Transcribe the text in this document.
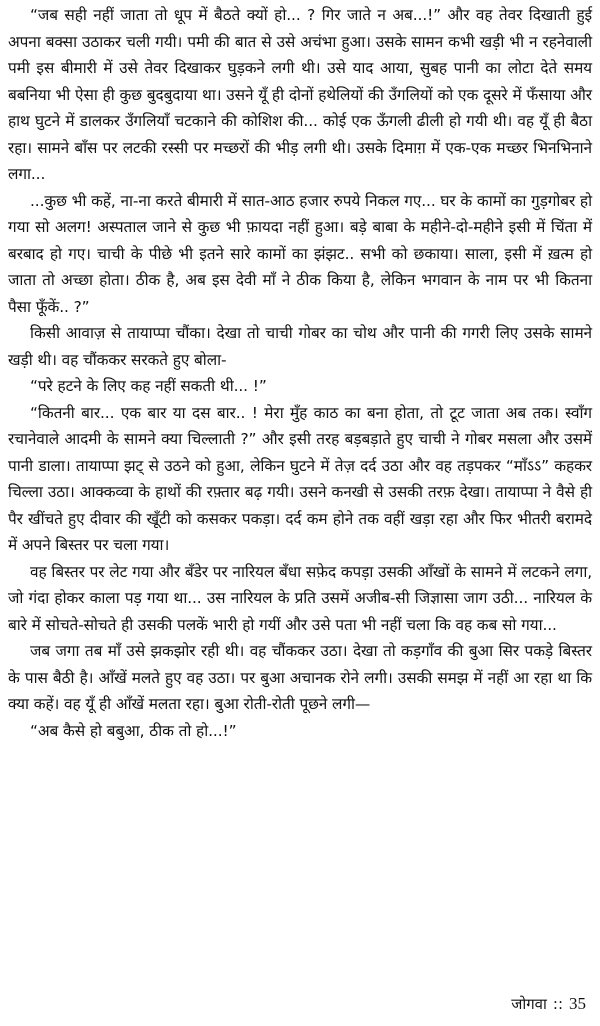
“जब सही नहीं जाता तो धूप में बैठते क्यों हो... ? गिर जाते न अब...!” और वह तेवर दिखाती हुई अपना बक्सा उठाकर चली गयी। पमी की बात से उसे अचंभा हुआ। उसके सामन कभी खड़ी भी न रहनेवाली पमी इस बीमारी में उसे तेवर दिखाकर घुड़कने लगी थी। उसे याद आया, सुबह पानी का लोटा देते समय बबनिया भी ऐसा ही कुछ बुदबुदाया था। उसने यूँ ही दोनों हथेलियों की उँगलियों को एक दूसरे में फँसाया और हाथ घुटने में डालकर उँगलियाँ चटकाने की कोशिश की... कोई एक ऊँगली ढीली हो गयी थी। वह यूँ ही बैठा रहा। सामने बाँस पर लटकी रस्सी पर मच्छरों की भीड़ लगी थी। उसके दिमाग़ में एक-एक मच्छर भिनभिनाने लगा...

...कुछ भी कहें, ना-ना करते बीमारी में सात-आठ हजार रुपये निकल गए... घर के कामों का गुड़गोबर हो गया सो अलग! अस्पताल जाने से कुछ भी फ़ायदा नहीं हुआ। बड़े बाबा के महीने-दो-महीने इसी में चिंता में बरबाद हो गए। चाची के पीछे भी इतने सारे कामों का झंझट.. सभी को छकाया। साला, इसी में ख़त्म हो जाता तो अच्छा होता। ठीक है, अब इस देवी माँ ने ठीक किया है, लेकिन भगवान के नाम पर भी कितना पैसा फूँकें.. ?”

किसी आवाज़ से तायाप्पा चौंका। देखा तो चाची गोबर का चोथ और पानी की गगरी लिए उसके सामने खड़ी थी। वह चौंककर सरकते हुए बोला-

“परे हटने के लिए कह नहीं सकती थी... !”

“कितनी बार... एक बार या दस बार.. ! मेरा मुँह काठ का बना होता, तो टूट जाता अब तक। स्वाँग रचानेवाले आदमी के सामने क्या चिल्लाती ?” और इसी तरह बड़बड़ाते हुए चाची ने गोबर मसला और उसमें पानी डाला। तायाप्पा झट् से उठने को हुआ, लेकिन घुटने में तेज़ दर्द उठा और वह तड़पकर “माँऽऽ” कहकर चिल्ला उठा। आक्कव्वा के हाथों की रफ़्तार बढ़ गयी। उसने कनखी से उसकी तरफ़ देखा। तायाप्पा ने वैसे ही पैर खींचते हुए दीवार की खूँटी को कसकर पकड़ा। दर्द कम होने तक वहीं खड़ा रहा और फिर भीतरी बरामदे में अपने बिस्तर पर चला गया।

वह बिस्तर पर लेट गया और बँडेर पर नारियल बँधा सफ़ेद कपड़ा उसकी आँखों के सामने में लटकने लगा, जो गंदा होकर काला पड़ गया था... उस नारियल के प्रति उसमें अजीब-सी जिज्ञासा जाग उठी... नारियल के बारे में सोचते-सोचते ही उसकी पलकें भारी हो गयीं और उसे पता भी नहीं चला कि वह कब सो गया...

जब जगा तब माँ उसे झकझोर रही थी। वह चौंककर उठा। देखा तो कड़गाँव की बुआ सिर पकड़े बिस्तर के पास बैठी है। आँखें मलते हुए वह उठा। पर बुआ अचानक रोने लगी। उसकी समझ में नहीं आ रहा था कि क्या कहें। वह यूँ ही आँखें मलता रहा। बुआ रोती-रोती पूछने लगी—

“अब कैसे हो बबुआ, ठीक तो हो...!”

जोगवा :: 35
